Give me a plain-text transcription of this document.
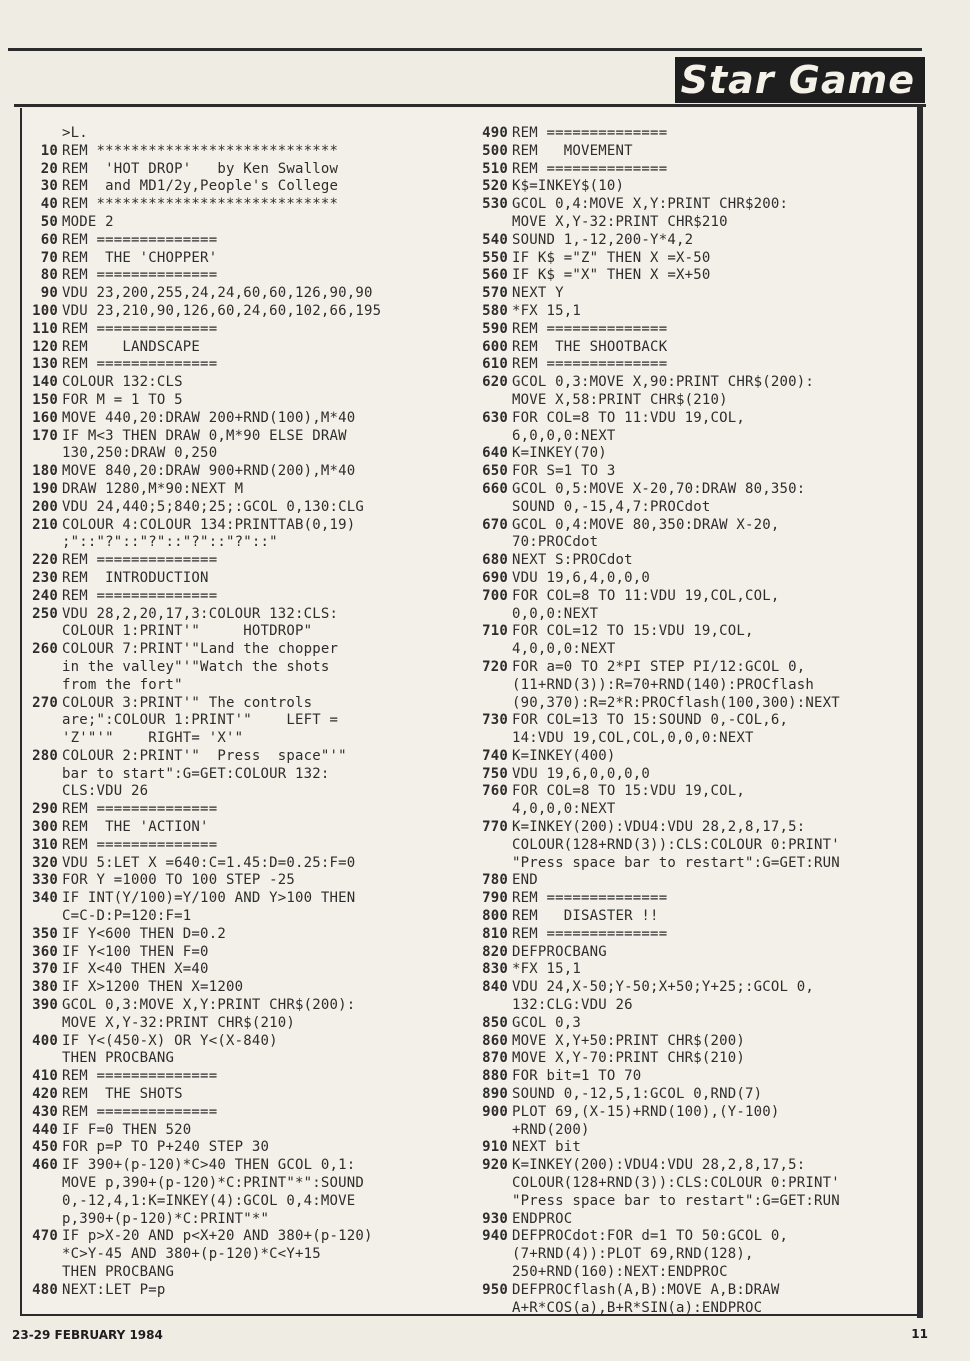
Star Game
>L.
10 REM ****************************
20 REM  'HOT DROP'   by Ken Swallow
30 REM  and MD1/2y,People's College
40 REM ****************************
50 MODE 2
60 REM ==============
70 REM  THE 'CHOPPER'
80 REM ==============
90 VDU 23,200,255,24,24,60,60,126,90,90
100 VDU 23,210,90,126,60,24,60,102,66,195
110 REM ==============
120 REM    LANDSCAPE
130 REM ==============
140 COLOUR 132:CLS
150 FOR M = 1 TO 5
160 MOVE 440,20:DRAW 200+RND(100),M*40
170 IF M<3 THEN DRAW 0,M*90 ELSE DRAW
130,250:DRAW 0,250
180 MOVE 840,20:DRAW 900+RND(200),M*40
190 DRAW 1280,M*90:NEXT M
200 VDU 24,440;5;840;25;:GCOL 0,130:CLG
210 COLOUR 4:COLOUR 134:PRINTTAB(0,19)
;"::"?"::"?"::"?"::"?"::"
220 REM ==============
230 REM  INTRODUCTION
240 REM ==============
250 VDU 28,2,20,17,3:COLOUR 132:CLS:
COLOUR 1:PRINT'"     HOTDROP"
260 COLOUR 7:PRINT'"Land the chopper
in the valley"'"Watch the shots
from the fort"
270 COLOUR 3:PRINT'" The controls
are;":COLOUR 1:PRINT'"    LEFT =
'Z'"'"    RIGHT= 'X'"
280 COLOUR 2:PRINT'"  Press  space"'"
bar to start":G=GET:COLOUR 132:
CLS:VDU 26
290 REM ==============
300 REM  THE 'ACTION'
310 REM ==============
320 VDU 5:LET X =640:C=1.45:D=0.25:F=0
330 FOR Y =1000 TO 100 STEP -25
340 IF INT(Y/100)=Y/100 AND Y>100 THEN
C=C-D:P=120:F=1
350 IF Y<600 THEN D=0.2
360 IF Y<100 THEN F=0
370 IF X<40 THEN X=40
380 IF X>1200 THEN X=1200
390 GCOL 0,3:MOVE X,Y:PRINT CHR$(200):
MOVE X,Y-32:PRINT CHR$(210)
400 IF Y<(450-X) OR Y<(X-840)
THEN PROCBANG
410 REM ==============
420 REM  THE SHOTS
430 REM ==============
440 IF F=0 THEN 520
450 FOR p=P TO P+240 STEP 30
460 IF 390+(p-120)*C>40 THEN GCOL 0,1:
MOVE p,390+(p-120)*C:PRINT"*":SOUND
0,-12,4,1:K=INKEY(4):GCOL 0,4:MOVE
p,390+(p-120)*C:PRINT"*"
470 IF p>X-20 AND p<X+20 AND 380+(p-120)
*C>Y-45 AND 380+(p-120)*C<Y+15
THEN PROCBANG
480 NEXT:LET P=p
490 REM ==============
500 REM   MOVEMENT
510 REM ==============
520 K$=INKEY$(10)
530 GCOL 0,4:MOVE X,Y:PRINT CHR$200:
MOVE X,Y-32:PRINT CHR$210
540 SOUND 1,-12,200-Y*4,2
550 IF K$ ="Z" THEN X =X-50
560 IF K$ ="X" THEN X =X+50
570 NEXT Y
580 *FX 15,1
590 REM ==============
600 REM  THE SHOOTBACK
610 REM ==============
620 GCOL 0,3:MOVE X,90:PRINT CHR$(200):
MOVE X,58:PRINT CHR$(210)
630 FOR COL=8 TO 11:VDU 19,COL,
6,0,0,0:NEXT
640 K=INKEY(70)
650 FOR S=1 TO 3
660 GCOL 0,5:MOVE X-20,70:DRAW 80,350:
SOUND 0,-15,4,7:PROCdot
670 GCOL 0,4:MOVE 80,350:DRAW X-20,
70:PROCdot
680 NEXT S:PROCdot
690 VDU 19,6,4,0,0,0
700 FOR COL=8 TO 11:VDU 19,COL,COL,
0,0,0:NEXT
710 FOR COL=12 TO 15:VDU 19,COL,
4,0,0,0:NEXT
720 FOR a=0 TO 2*PI STEP PI/12:GCOL 0,
(11+RND(3)):R=70+RND(140):PROCflash
(90,370):R=2*R:PROCflash(100,300):NEXT
730 FOR COL=13 TO 15:SOUND 0,-COL,6,
14:VDU 19,COL,COL,0,0,0:NEXT
740 K=INKEY(400)
750 VDU 19,6,0,0,0,0
760 FOR COL=8 TO 15:VDU 19,COL,
4,0,0,0:NEXT
770 K=INKEY(200):VDU4:VDU 28,2,8,17,5:
COLOUR(128+RND(3)):CLS:COLOUR 0:PRINT'
"Press space bar to restart":G=GET:RUN
780 END
790 REM ==============
800 REM   DISASTER !!
810 REM ==============
820 DEFPROCBANG
830 *FX 15,1
840 VDU 24,X-50;Y-50;X+50;Y+25;:GCOL 0,
132:CLG:VDU 26
850 GCOL 0,3
860 MOVE X,Y+50:PRINT CHR$(200)
870 MOVE X,Y-70:PRINT CHR$(210)
880 FOR bit=1 TO 70
890 SOUND 0,-12,5,1:GCOL 0,RND(7)
900 PLOT 69,(X-15)+RND(100),(Y-100)
+RND(200)
910 NEXT bit
920 K=INKEY(200):VDU4:VDU 28,2,8,17,5:
COLOUR(128+RND(3)):CLS:COLOUR 0:PRINT'
"Press space bar to restart":G=GET:RUN
930 ENDPROC
940 DEFPROCdot:FOR d=1 TO 50:GCOL 0,
(7+RND(4)):PLOT 69,RND(128),
250+RND(160):NEXT:ENDPROC
950 DEFPROCflash(A,B):MOVE A,B:DRAW
A+R*COS(a),B+R*SIN(a):ENDPROC
23-29 FEBRUARY 1984	11
